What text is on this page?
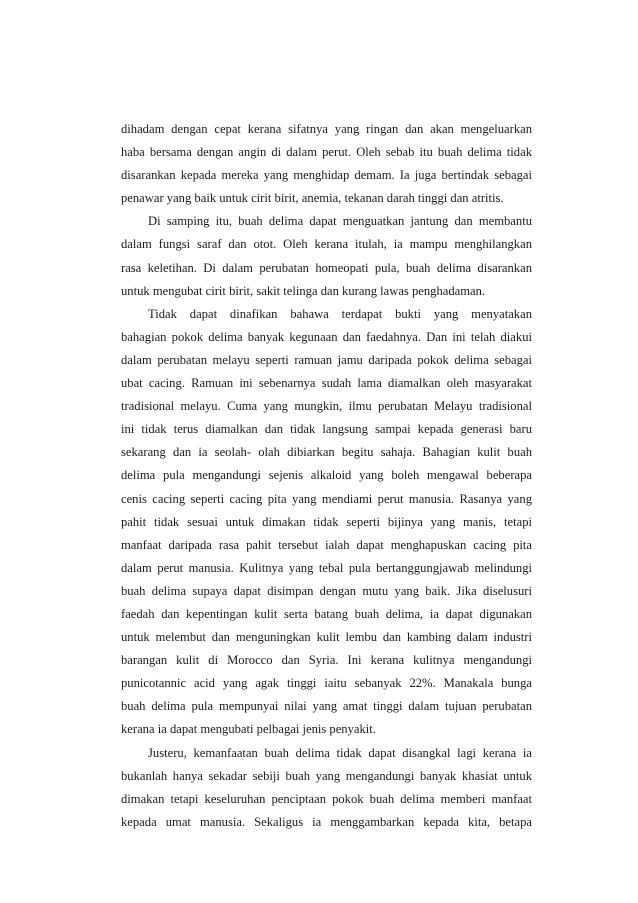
dihadam dengan cepat kerana sifatnya yang ringan dan akan mengeluarkan
haba bersama dengan angin di dalam perut. Oleh sebab itu buah delima tidak
disarankan kepada mereka yang menghidap demam. Ia juga bertindak sebagai
penawar yang baik untuk cirit birit, anemia, tekanan darah tinggi dan atritis.
Di samping itu, buah delima dapat menguatkan jantung dan membantu
dalam fungsi saraf dan otot. Oleh kerana itulah, ia mampu menghilangkan
rasa keletihan. Di dalam perubatan homeopati pula, buah delima disarankan
untuk mengubat cirit birit, sakit telinga dan kurang lawas penghadaman.
Tidak dapat dinafikan bahawa terdapat bukti yang menyatakan
bahagian pokok delima banyak kegunaan dan faedahnya. Dan ini telah diakui
dalam perubatan melayu seperti ramuan jamu daripada pokok delima sebagai
ubat cacing. Ramuan ini sebenarnya sudah lama diamalkan oleh masyarakat
tradisional melayu. Cuma yang mungkin, ilmu perubatan Melayu tradisional
ini tidak terus diamalkan dan tidak langsung sampai kepada generasi baru
sekarang dan ia seolah- olah dibiarkan begitu sahaja. Bahagian kulit buah
delima pula mengandungi sejenis alkaloid yang boleh mengawal beberapa
cenis cacing seperti cacing pita yang mendiami perut manusia. Rasanya yang
pahit tidak sesuai untuk dimakan tidak seperti bijinya yang manis, tetapi
manfaat daripada rasa pahit tersebut ialah dapat menghapuskan cacing pita
dalam perut manusia. Kulitnya yang tebal pula bertanggungjawab melindungi
buah delima supaya dapat disimpan dengan mutu yang baik. Jika diselusuri
faedah dan kepentingan kulit serta batang buah delima, ia dapat digunakan
untuk melembut dan menguningkan kulit lembu dan kambing dalam industri
barangan kulit di Morocco dan Syria. Ini kerana kulitnya mengandungi
punicotannic acid yang agak tinggi iaitu sebanyak 22%. Manakala bunga
buah delima pula mempunyai nilai yang amat tinggi dalam tujuan perubatan
kerana ia dapat mengubati pelbagai jenis penyakit.
Justeru, kemanfaatan buah delima tidak dapat disangkal lagi kerana ia
bukanlah hanya sekadar sebiji buah yang mengandungi banyak khasiat untuk
dimakan tetapi keseluruhan penciptaan pokok buah delima memberi manfaat
kepada umat manusia. Sekaligus ia menggambarkan kepada kita, betapa
